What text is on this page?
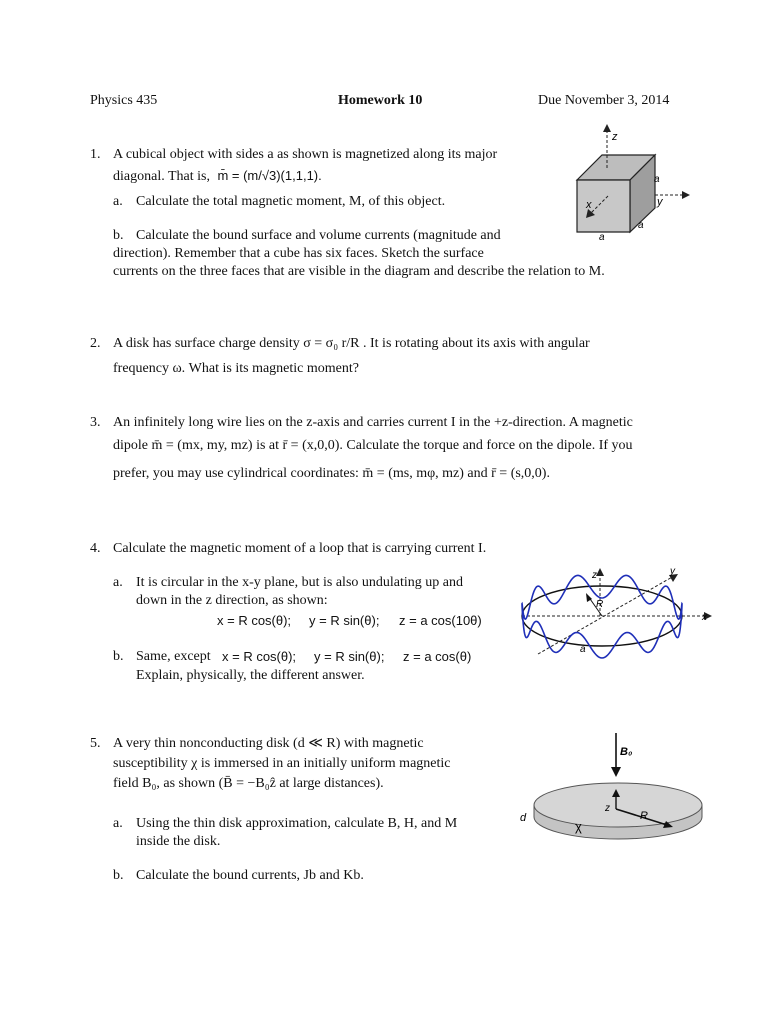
Physics 435	Homework 10	Due November 3, 2014
1. A cubical object with sides a as shown is magnetized along its major
diagonal. That is, m̄ = (m/√3)(1,1,1).
a. Calculate the total magnetic moment, M, of this object.
b. Calculate the bound surface and volume currents (magnitude and
direction). Remember that a cube has six faces. Sketch the surface
currents on the three faces that are visible in the diagram and describe the relation to M.
z
y
x
a
a
a
2. A disk has surface charge density σ = σ₀ r/R . It is rotating about its axis with angular
frequency ω. What is its magnetic moment?
3. An infinitely long wire lies on the z-axis and carries current I in the +z-direction. A magnetic
dipole m̄ = (mx, my, mz) is at r̄ = (x,0,0). Calculate the torque and force on the dipole. If you
prefer, you may use cylindrical coordinates: m̄ = (ms, mφ, mz) and r̄ = (s,0,0).
4. Calculate the magnetic moment of a loop that is carrying current I.
a. It is circular in the x-y plane, but is also undulating up and
down in the z direction, as shown:
x = R cos(θ); y = R sin(θ); z = a cos(10θ)
b. Same, except x = R cos(θ); y = R sin(θ); z = a cos(θ)
Explain, physically, the different answer.
z	y
x
R
a
5. A very thin nonconducting disk (d ≪ R) with magnetic
susceptibility χ is immersed in an initially uniform magnetic
field B₀, as shown (B̄ = −B₀ẑ at large distances).
a. Using the thin disk approximation, calculate B, H, and M
inside the disk.
b. Calculate the bound currents, Jb and Kb.
B₀
z
R
χ
d
